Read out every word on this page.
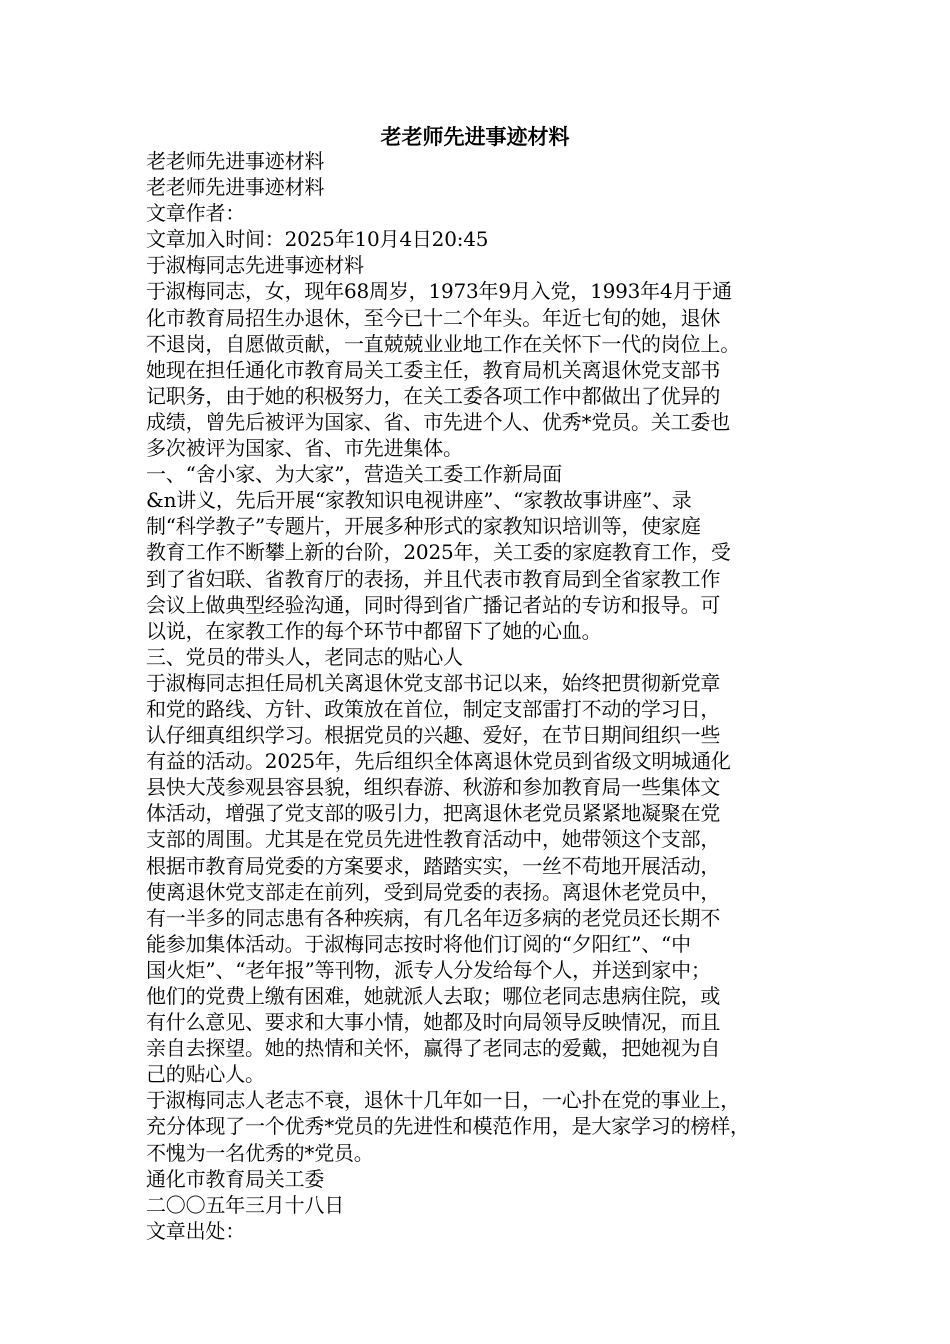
老老师先进事迹材料
老老师先进事迹材料
老老师先进事迹材料
文章作者：
文章加入时间：2025年10月4日20:45
于淑梅同志先进事迹材料
于淑梅同志，女，现年68周岁，1973年9月入党，1993年4月于通
化市教育局招生办退休，至今已十二个年头。年近七旬的她，退休
不退岗，自愿做贡献，一直兢兢业业地工作在关怀下一代的岗位上。
她现在担任通化市教育局关工委主任，教育局机关离退休党支部书
记职务，由于她的积极努力，在关工委各项工作中都做出了优异的
成绩，曾先后被评为国家、省、市先进个人、优秀*党员。关工委也
多次被评为国家、省、市先进集体。
一、“舍小家、为大家”，营造关工委工作新局面
&n讲义，先后开展“家教知识电视讲座”、“家教故事讲座”、录
制“科学教子”专题片，开展多种形式的家教知识培训等，使家庭
教育工作不断攀上新的台阶，2025年，关工委的家庭教育工作，受
到了省妇联、省教育厅的表扬，并且代表市教育局到全省家教工作
会议上做典型经验沟通，同时得到省广播记者站的专访和报导。可
以说，在家教工作的每个环节中都留下了她的心血。
三、党员的带头人，老同志的贴心人
于淑梅同志担任局机关离退休党支部书记以来，始终把贯彻新党章
和党的路线、方针、政策放在首位，制定支部雷打不动的学习日，
认仔细真组织学习。根据党员的兴趣、爱好，在节日期间组织一些
有益的活动。2025年，先后组织全体离退休党员到省级文明城通化
县快大茂参观县容县貌，组织春游、秋游和参加教育局一些集体文
体活动，增强了党支部的吸引力，把离退休老党员紧紧地凝聚在党
支部的周围。尤其是在党员先进性教育活动中，她带领这个支部，
根据市教育局党委的方案要求，踏踏实实，一丝不苟地开展活动，
使离退休党支部走在前列，受到局党委的表扬。离退休老党员中，
有一半多的同志患有各种疾病，有几名年迈多病的老党员还长期不
能参加集体活动。于淑梅同志按时将他们订阅的“夕阳红”、“中
国火炬”、“老年报”等刊物，派专人分发给每个人，并送到家中；
他们的党费上缴有困难，她就派人去取；哪位老同志患病住院，或
有什么意见、要求和大事小情，她都及时向局领导反映情况，而且
亲自去探望。她的热情和关怀，赢得了老同志的爱戴，把她视为自
己的贴心人。
于淑梅同志人老志不衰，退休十几年如一日，一心扑在党的事业上，
充分体现了一个优秀*党员的先进性和模范作用，是大家学习的榜样，
不愧为一名优秀的*党员。
通化市教育局关工委
二〇〇五年三月十八日
文章出处：
